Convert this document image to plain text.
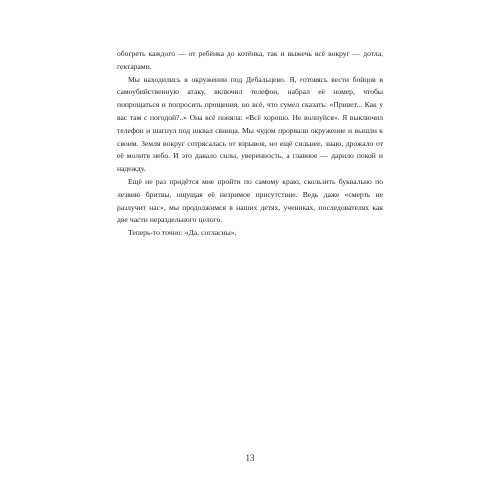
обогреть каждого — от ребёнка до котёнка, так и выжечь всё вокруг — дотла, гектарами.

Мы находились в окружении под Дебальцево. Я, готовясь вести бойцов в самоубийственную атаку, включил телефон, набрал её номер, чтобы попрощаться и попросить прощения, но всё, что сумел сказать: «Привет... Как у вас там с погодой?..» Она всё поняла: «Всё хорошо. Не волнуйся». Я выключил телефон и шагнул под шквал свинца. Мы чудом прорвали окружение и вышли к своим. Земля вокруг сотрясалась от взрывов, но ещё сильнее, знаю, дрожало от её молитв небо. И это давало силы, уверенность, а главное — дарило покой и надежду.

Ещё не раз придётся мне пройти по самому краю, скользить буквально по лезвию бритвы, ощущая её незримое присутствие. Ведь даже «смерть не разлучит нас», мы продолжимся в наших детях, учениках, последователях как две части нераздельного целого.

Теперь-то точно: «Да, согласны».

13
